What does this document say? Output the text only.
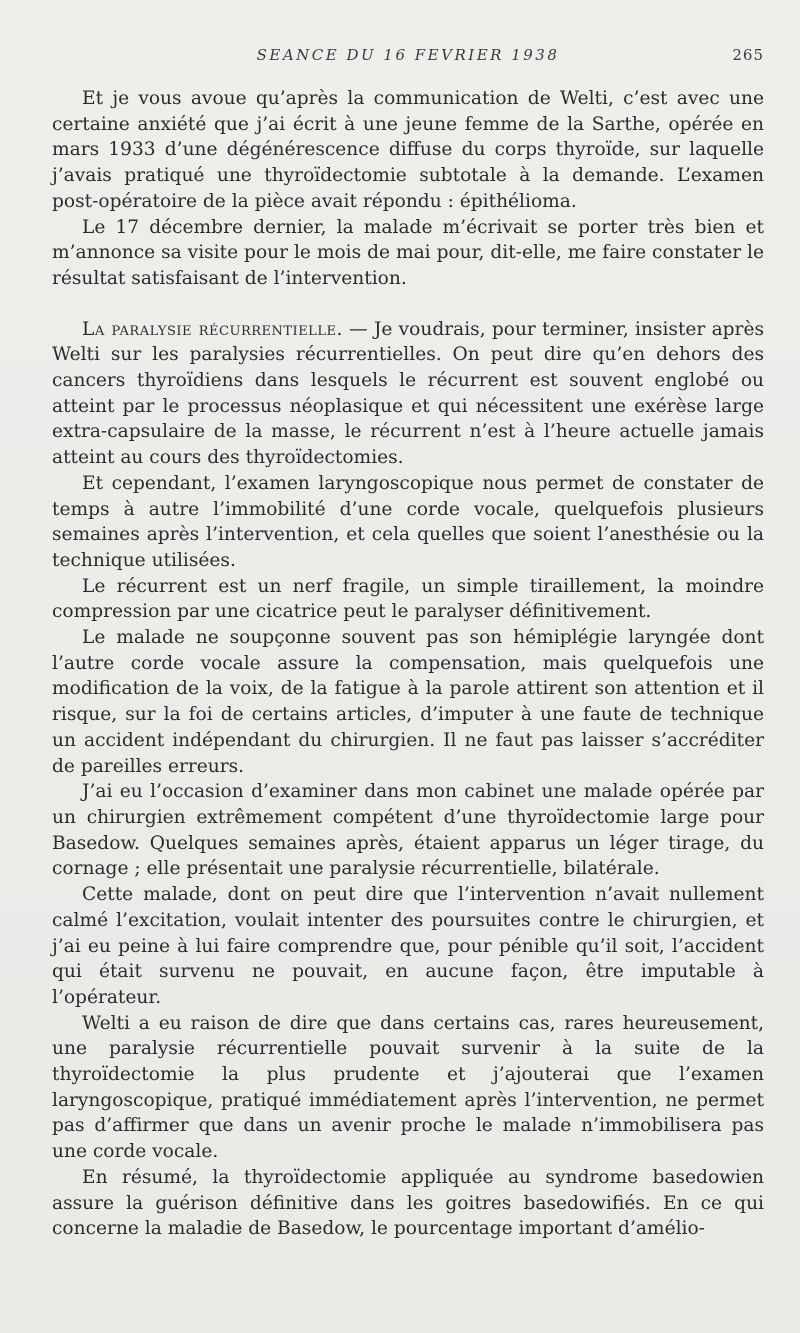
SEANCE DU 16 FEVRIER 1938	265

Et je vous avoue qu’après la communication de Welti, c’est avec une certaine anxiété que j’ai écrit à une jeune femme de la Sarthe, opérée en mars 1933 d’une dégénérescence diffuse du corps thyroïde, sur laquelle j’avais pratiqué une thyroïdectomie subtotale à la demande. L’examen post-opératoire de la pièce avait répondu : épithélioma.

Le 17 décembre dernier, la malade m’écrivait se porter très bien et m’annonce sa visite pour le mois de mai pour, dit-elle, me faire constater le résultat satisfaisant de l’intervention.

La paralysie récurrentielle. — Je voudrais, pour terminer, insister après Welti sur les paralysies récurrentielles. On peut dire qu’en dehors des cancers thyroïdiens dans lesquels le récurrent est souvent englobé ou atteint par le processus néoplasique et qui nécessitent une exérèse large extra-capsulaire de la masse, le récurrent n’est à l’heure actuelle jamais atteint au cours des thyroïdectomies.

Et cependant, l’examen laryngoscopique nous permet de constater de temps à autre l’immobilité d’une corde vocale, quelquefois plusieurs semaines après l’intervention, et cela quelles que soient l’anesthésie ou la technique utilisées.

Le récurrent est un nerf fragile, un simple tiraillement, la moindre compression par une cicatrice peut le paralyser définitivement.

Le malade ne soupçonne souvent pas son hémiplégie laryngée dont l’autre corde vocale assure la compensation, mais quelquefois une modification de la voix, de la fatigue à la parole attirent son attention et il risque, sur la foi de certains articles, d’imputer à une faute de technique un accident indépendant du chirurgien. Il ne faut pas laisser s’accréditer de pareilles erreurs.

J’ai eu l’occasion d’examiner dans mon cabinet une malade opérée par un chirurgien extrêmement compétent d’une thyroïdectomie large pour Basedow. Quelques semaines après, étaient apparus un léger tirage, du cornage ; elle présentait une paralysie récurrentielle, bilatérale.

Cette malade, dont on peut dire que l’intervention n’avait nullement calmé l’excitation, voulait intenter des poursuites contre le chirurgien, et j’ai eu peine à lui faire comprendre que, pour pénible qu’il soit, l’accident qui était survenu ne pouvait, en aucune façon, être imputable à l’opérateur.

Welti a eu raison de dire que dans certains cas, rares heureusement, une paralysie récurrentielle pouvait survenir à la suite de la thyroïdectomie la plus prudente et j’ajouterai que l’examen laryngoscopique, pratiqué immédiatement après l’intervention, ne permet pas d’affirmer que dans un avenir proche le malade n’immobilisera pas une corde vocale.

En résumé, la thyroïdectomie appliquée au syndrome basedowien assure la guérison définitive dans les goitres basedowifiés. En ce qui concerne la maladie de Basedow, le pourcentage important d’amélio-
